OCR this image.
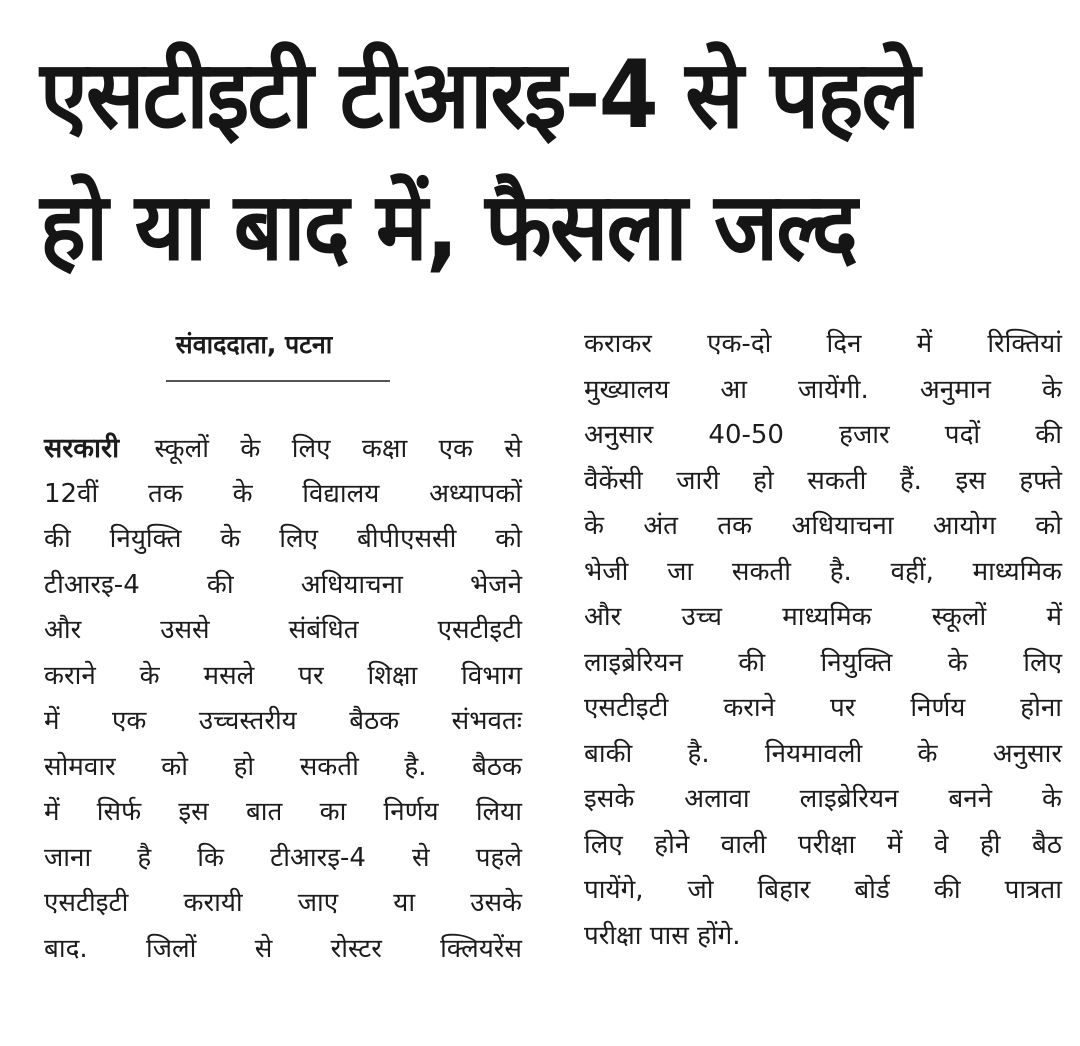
एसटीइटी टीआरइ-4 से पहले
हो या बाद में, फैसला जल्द
संवाददाता, पटना
सरकारी स्कूलों के लिए कक्षा एक से
12वीं तक के विद्यालय अध्यापकों
की नियुक्ति के लिए बीपीएससी को
टीआरइ-4 की अधियाचना भेजने
और उससे संबंधित एसटीइटी
कराने के मसले पर शिक्षा विभाग
में एक उच्चस्तरीय बैठक संभवतः
सोमवार को हो सकती है. बैठक
में सिर्फ इस बात का निर्णय लिया
जाना है कि टीआरइ-4 से पहले
एसटीइटी करायी जाए या उसके
बाद. जिलों से रोस्टर क्लियरेंस
कराकर एक-दो दिन में रिक्तियां
मुख्यालय आ जायेंगी. अनुमान के
अनुसार 40-50 हजार पदों की
वैकेंसी जारी हो सकती हैं. इस हफ्ते
के अंत तक अधियाचना आयोग को
भेजी जा सकती है. वहीं, माध्यमिक
और उच्च माध्यमिक स्कूलों में
लाइब्रेरियन की नियुक्ति के लिए
एसटीइटी कराने पर निर्णय होना
बाकी है. नियमावली के अनुसार
इसके अलावा लाइब्रेरियन बनने के
लिए होने वाली परीक्षा में वे ही बैठ
पायेंगे, जो बिहार बोर्ड की पात्रता
परीक्षा पास होंगे.
